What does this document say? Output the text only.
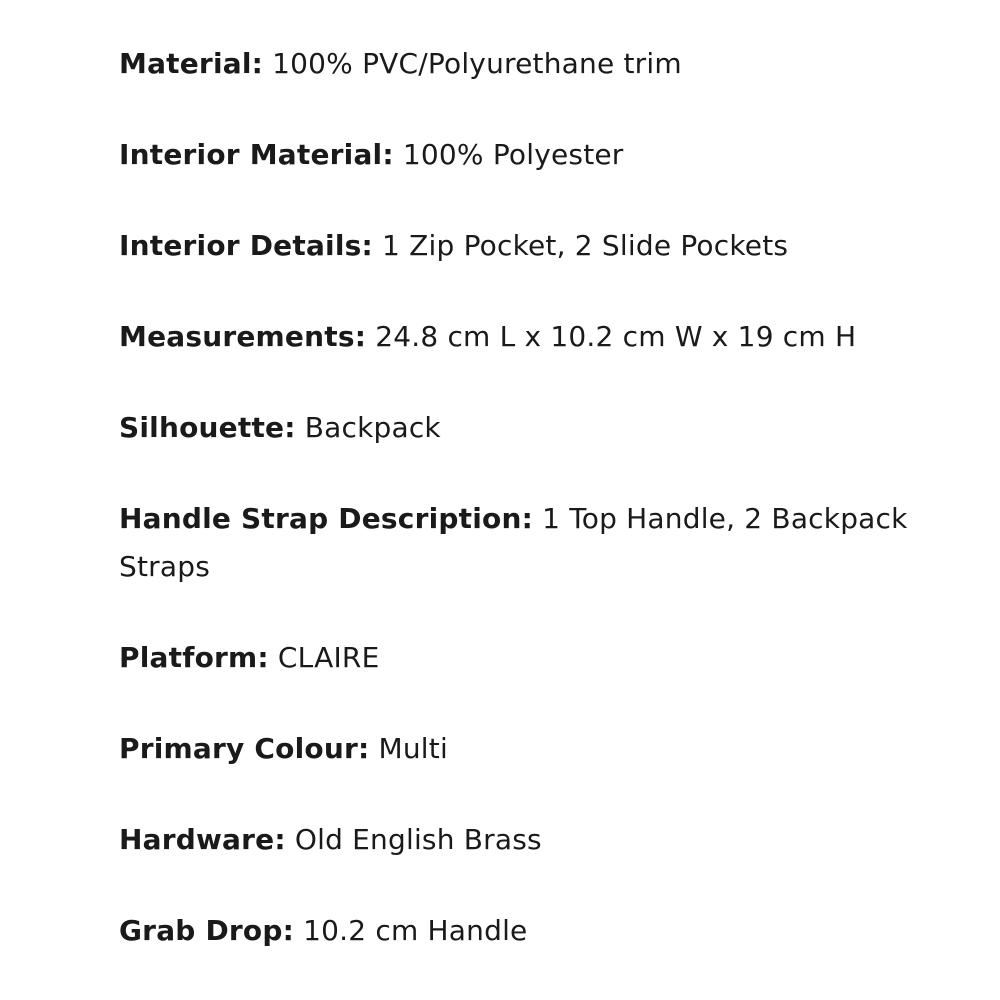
Material: 100% PVC/Polyurethane trim
Interior Material: 100% Polyester
Interior Details: 1 Zip Pocket, 2 Slide Pockets
Measurements: 24.8 cm L x 10.2 cm W x 19 cm H
Silhouette: Backpack
Handle Strap Description: 1 Top Handle, 2 Backpack Straps
Platform: CLAIRE
Primary Colour: Multi
Hardware: Old English Brass
Grab Drop: 10.2 cm Handle
